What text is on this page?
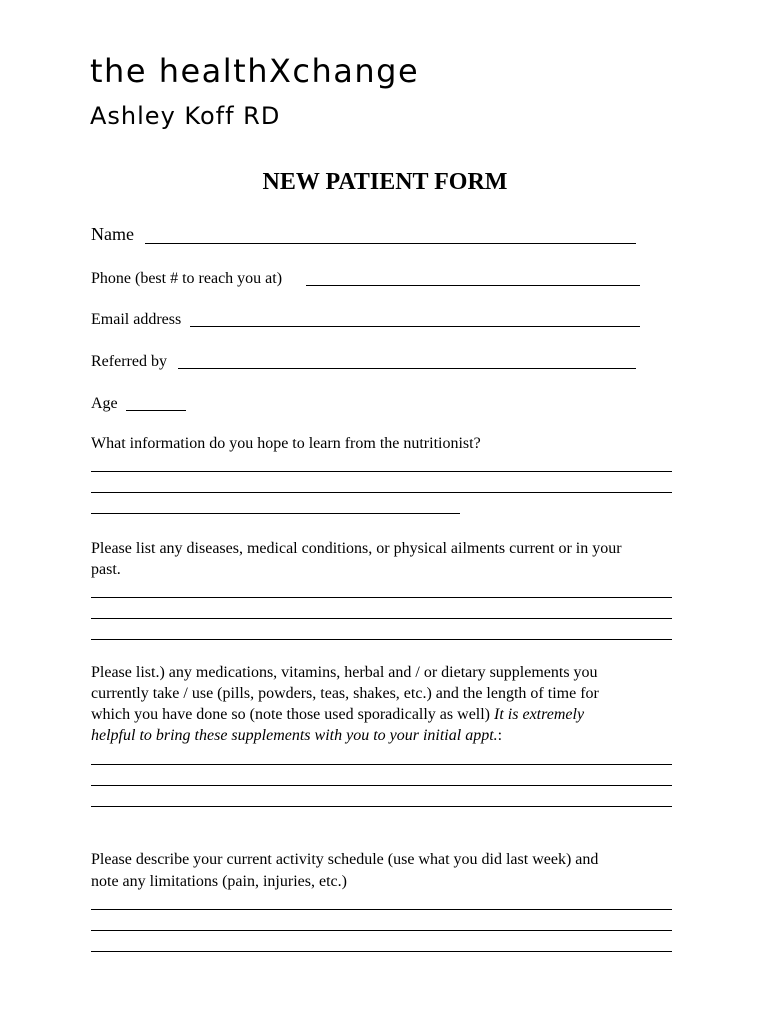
the healthXchange
Ashley Koff RD
NEW PATIENT FORM
Name
Phone (best # to reach you at)
Email address
Referred by
Age
What information do you hope to learn from the nutritionist?
Please list any diseases, medical conditions, or physical ailments current or in your
past.
Please list.) any medications, vitamins, herbal and / or dietary supplements you
currently take / use (pills, powders, teas, shakes, etc.) and the length of time for
which you have done so (note those used sporadically as well) It is extremely
helpful to bring these supplements with you to your initial appt.:
Please describe your current activity schedule (use what you did last week) and
note any limitations (pain, injuries, etc.)
